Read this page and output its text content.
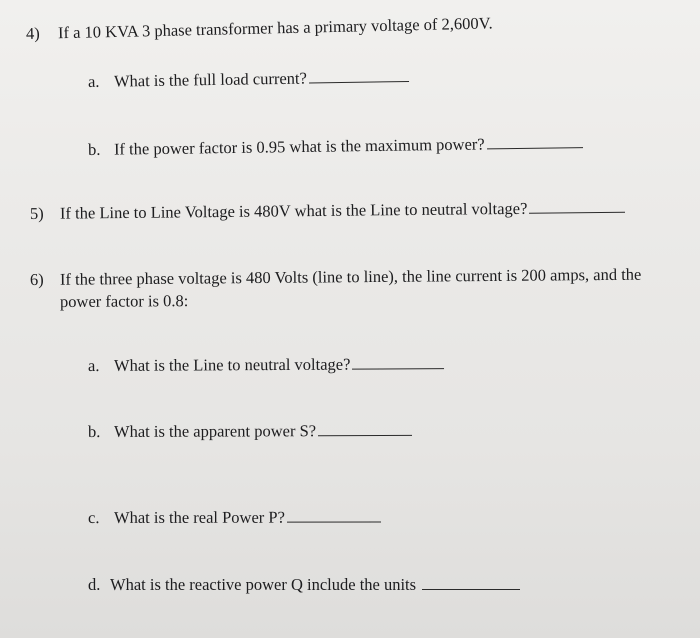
4) If a 10 KVA 3 phase transformer has a primary voltage of 2,600V.
a. What is the full load current?
b. If the power factor is 0.95 what is the maximum power?
5) If the Line to Line Voltage is 480V what is the Line to neutral voltage?
6) If the three phase voltage is 480 Volts (line to line), the line current is 200 amps, and the
power factor is 0.8:
a. What is the Line to neutral voltage?
b. What is the apparent power S?
c. What is the real Power P?
d. What is the reactive power Q include the units
